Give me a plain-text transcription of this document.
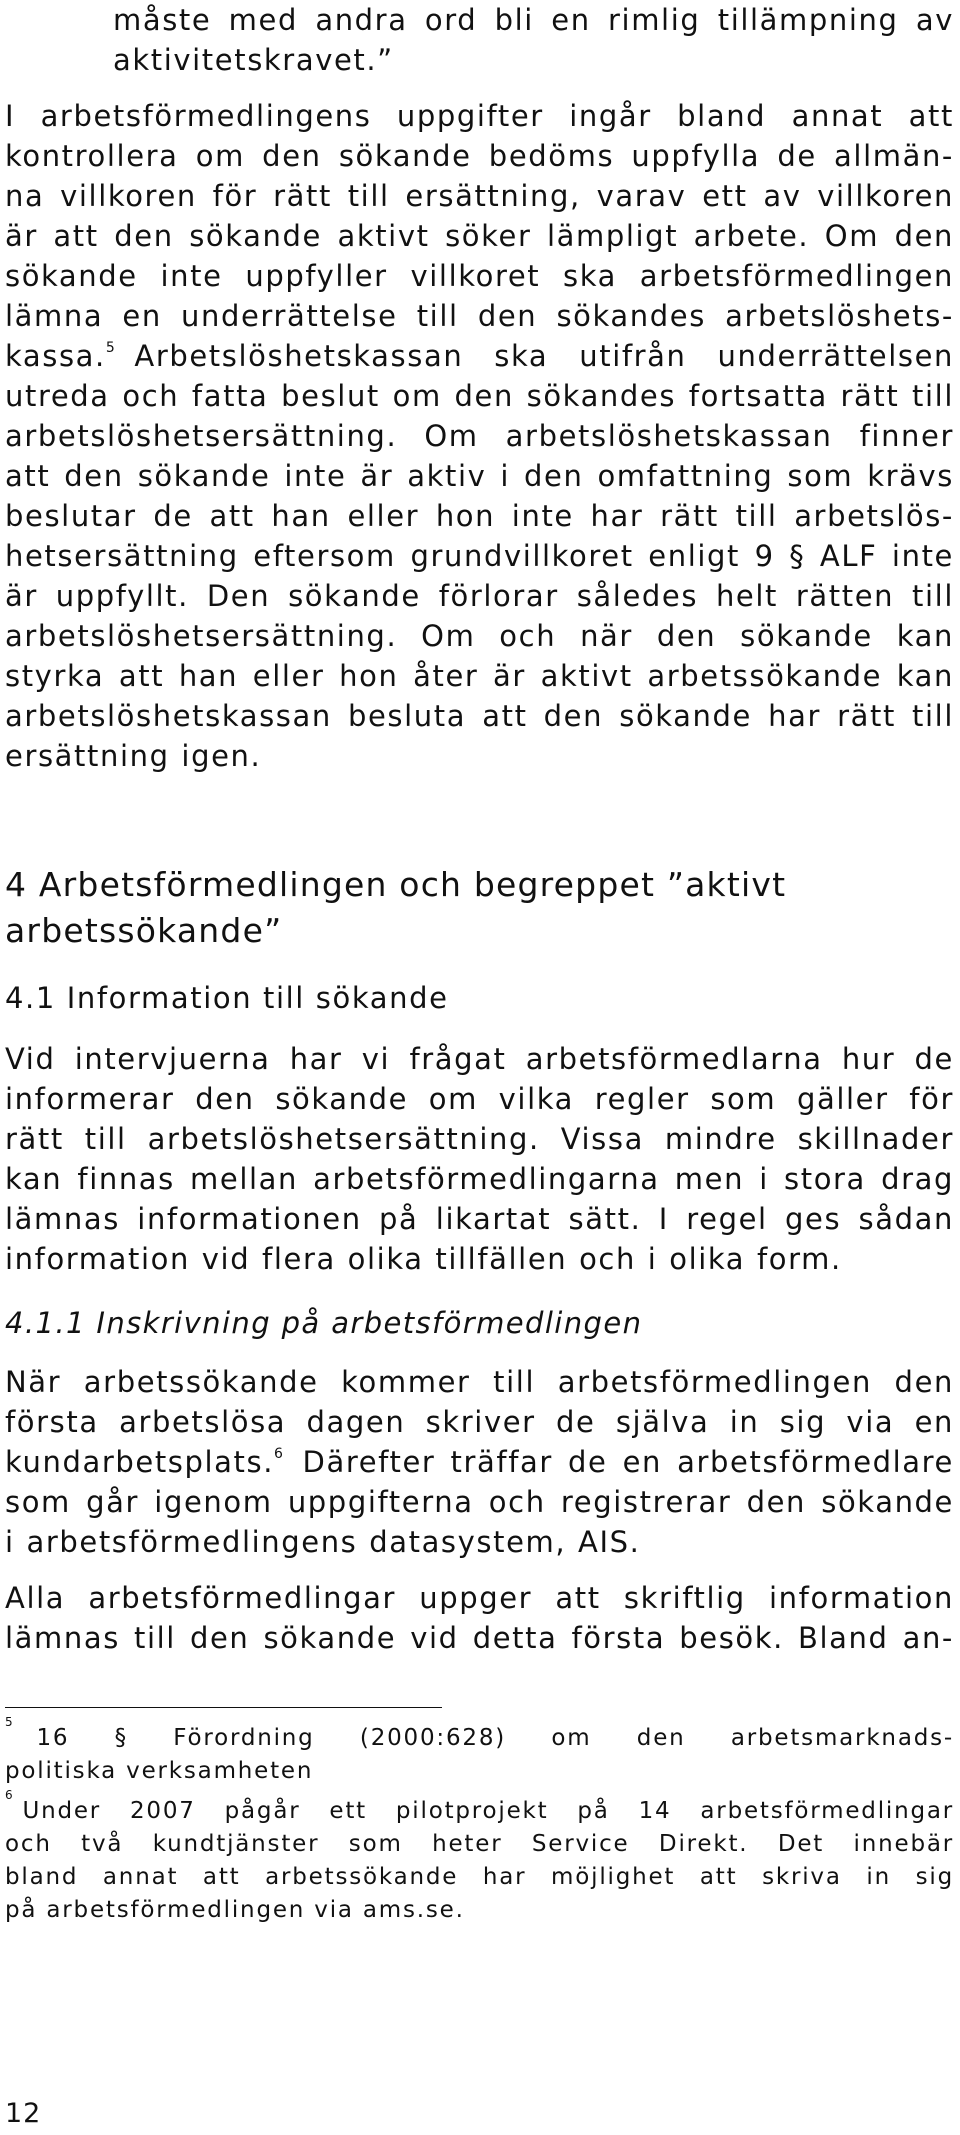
måste med andra ord bli en rimlig tillämpning av
aktivitetskravet.”
I arbetsförmedlingens uppgifter ingår bland annat att
kontrollera om den sökande bedöms uppfylla de allmän-
na villkoren för rätt till ersättning, varav ett av villkoren
är att den sökande aktivt söker lämpligt arbete. Om den
sökande inte uppfyller villkoret ska arbetsförmedlingen
lämna en underrättelse till den sökandes arbetslöshets-
kassa.$^5$ Arbetslöshetskassan ska utifrån underrättelsen
utreda och fatta beslut om den sökandes fortsatta rätt till
arbetslöshetsersättning. Om arbetslöshetskassan finner
att den sökande inte är aktiv i den omfattning som krävs
beslutar de att han eller hon inte har rätt till arbetslös-
hetsersättning eftersom grundvillkoret enligt 9 § ALF inte
är uppfyllt. Den sökande förlorar således helt rätten till
arbetslöshetsersättning. Om och när den sökande kan
styrka att han eller hon åter är aktivt arbetssökande kan
arbetslöshetskassan besluta att den sökande har rätt till
ersättning igen.
4 Arbetsförmedlingen och begreppet ”aktivt
arbetssökande”
4.1 Information till sökande
Vid intervjuerna har vi frågat arbetsförmedlarna hur de
informerar den sökande om vilka regler som gäller för
rätt till arbetslöshetsersättning. Vissa mindre skillnader
kan finnas mellan arbetsförmedlingarna men i stora drag
lämnas informationen på likartat sätt. I regel ges sådan
information vid flera olika tillfällen och i olika form.
4.1.1 Inskrivning på arbetsförmedlingen
När arbetssökande kommer till arbetsförmedlingen den
första arbetslösa dagen skriver de själva in sig via en
kundarbetsplats.$^6$ Därefter träffar de en arbetsförmedlare
som går igenom uppgifterna och registrerar den sökande
i arbetsförmedlingens datasystem, AIS.
Alla arbetsförmedlingar uppger att skriftlig information
lämnas till den sökande vid detta första besök. Bland an-
5
16 § Förordning (2000:628) om den arbetsmarknads-
politiska verksamheten
6
Under 2007 pågår ett pilotprojekt på 14 arbetsförmedlingar
och två kundtjänster som heter Service Direkt. Det innebär
bland annat att arbetssökande har möjlighet att skriva in sig
på arbetsförmedlingen via ams.se.
12
